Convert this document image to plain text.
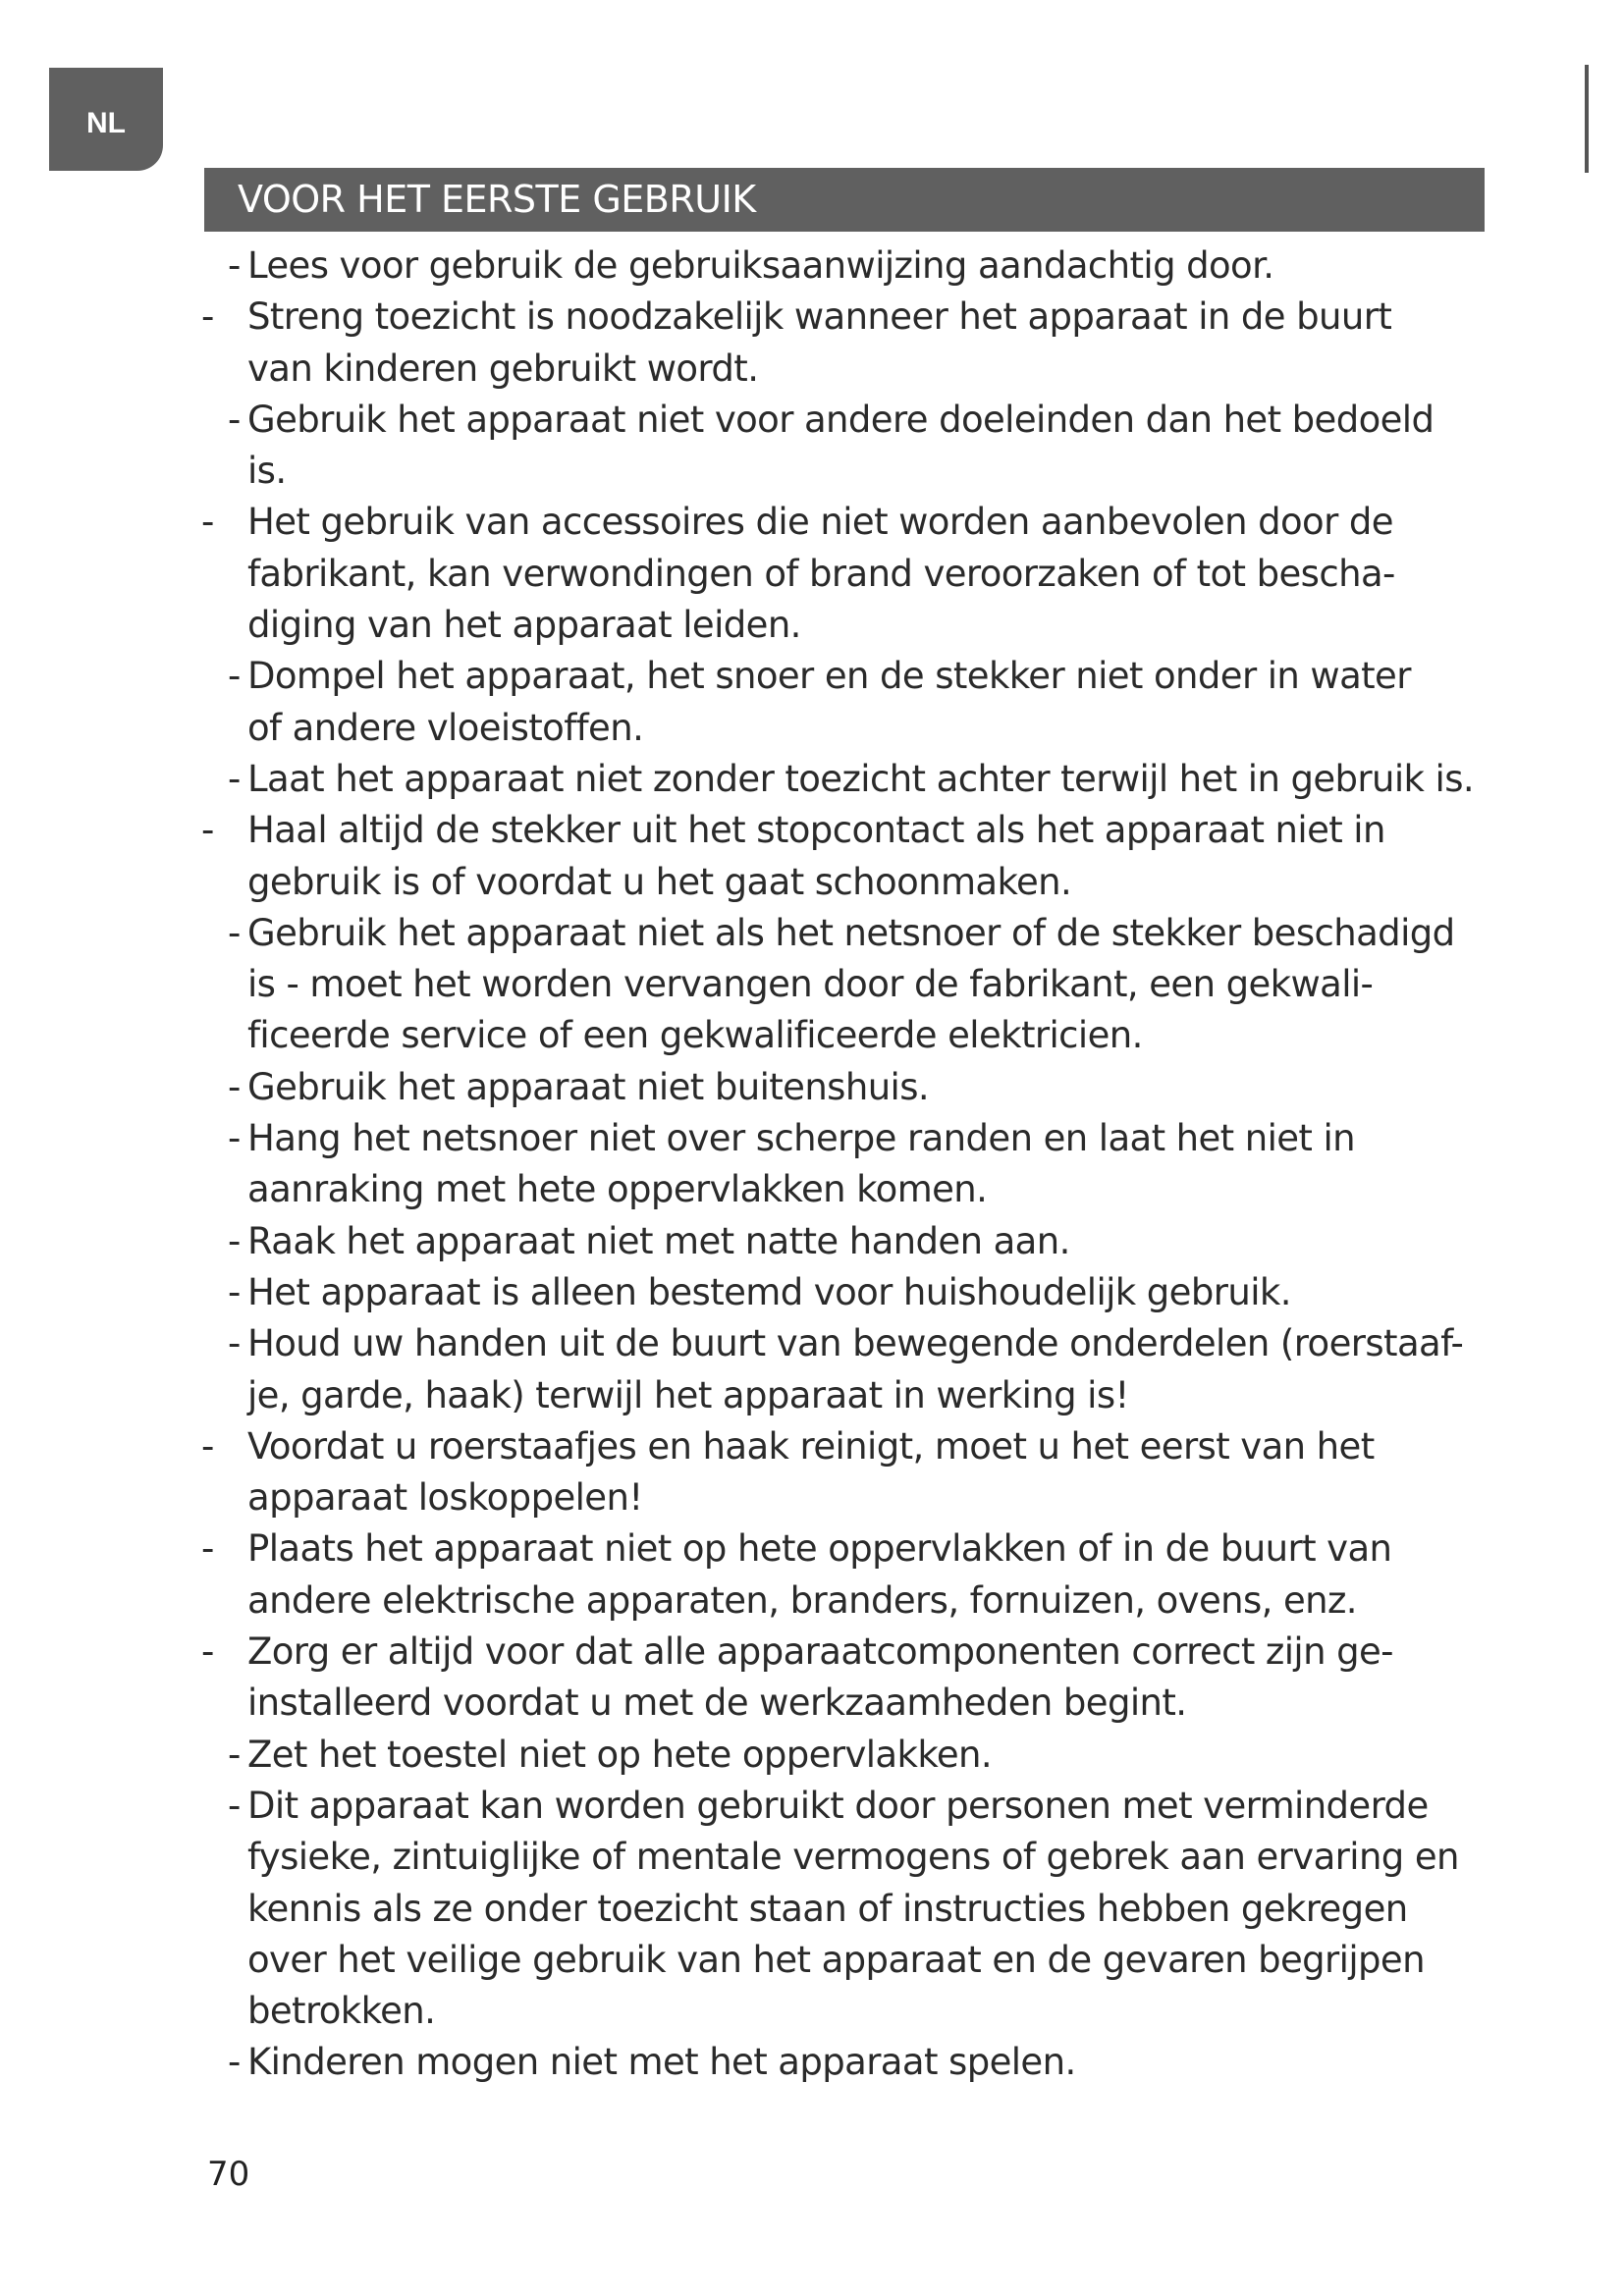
NL
VOOR HET EERSTE GEBRUIK
- Lees voor gebruik de gebruiksaanwijzing aandachtig door.
- Streng toezicht is noodzakelijk wanneer het apparaat in de buurt
van kinderen gebruikt wordt.
- Gebruik het apparaat niet voor andere doeleinden dan het bedoeld
is.
- Het gebruik van accessoires die niet worden aanbevolen door de
fabrikant, kan verwondingen of brand veroorzaken of tot bescha-
diging van het apparaat leiden.
- Dompel het apparaat, het snoer en de stekker niet onder in water
of andere vloeistoffen.
- Laat het apparaat niet zonder toezicht achter terwijl het in gebruik is.
- Haal altijd de stekker uit het stopcontact als het apparaat niet in
gebruik is of voordat u het gaat schoonmaken.
- Gebruik het apparaat niet als het netsnoer of de stekker beschadigd
is - moet het worden vervangen door de fabrikant, een gekwali-
ficeerde service of een gekwalificeerde elektricien.
- Gebruik het apparaat niet buitenshuis.
- Hang het netsnoer niet over scherpe randen en laat het niet in
aanraking met hete oppervlakken komen.
- Raak het apparaat niet met natte handen aan.
- Het apparaat is alleen bestemd voor huishoudelijk gebruik.
- Houd uw handen uit de buurt van bewegende onderdelen (roerstaaf-
je, garde, haak) terwijl het apparaat in werking is!
- Voordat u roerstaafjes en haak reinigt, moet u het eerst van het
apparaat loskoppelen!
- Plaats het apparaat niet op hete oppervlakken of in de buurt van
andere elektrische apparaten, branders, fornuizen, ovens, enz.
- Zorg er altijd voor dat alle apparaatcomponenten correct zijn ge-
installeerd voordat u met de werkzaamheden begint.
- Zet het toestel niet op hete oppervlakken.
- Dit apparaat kan worden gebruikt door personen met verminderde
fysieke, zintuiglijke of mentale vermogens of gebrek aan ervaring en
kennis als ze onder toezicht staan of instructies hebben gekregen
over het veilige gebruik van het apparaat en de gevaren begrijpen
betrokken.
- Kinderen mogen niet met het apparaat spelen.
70
